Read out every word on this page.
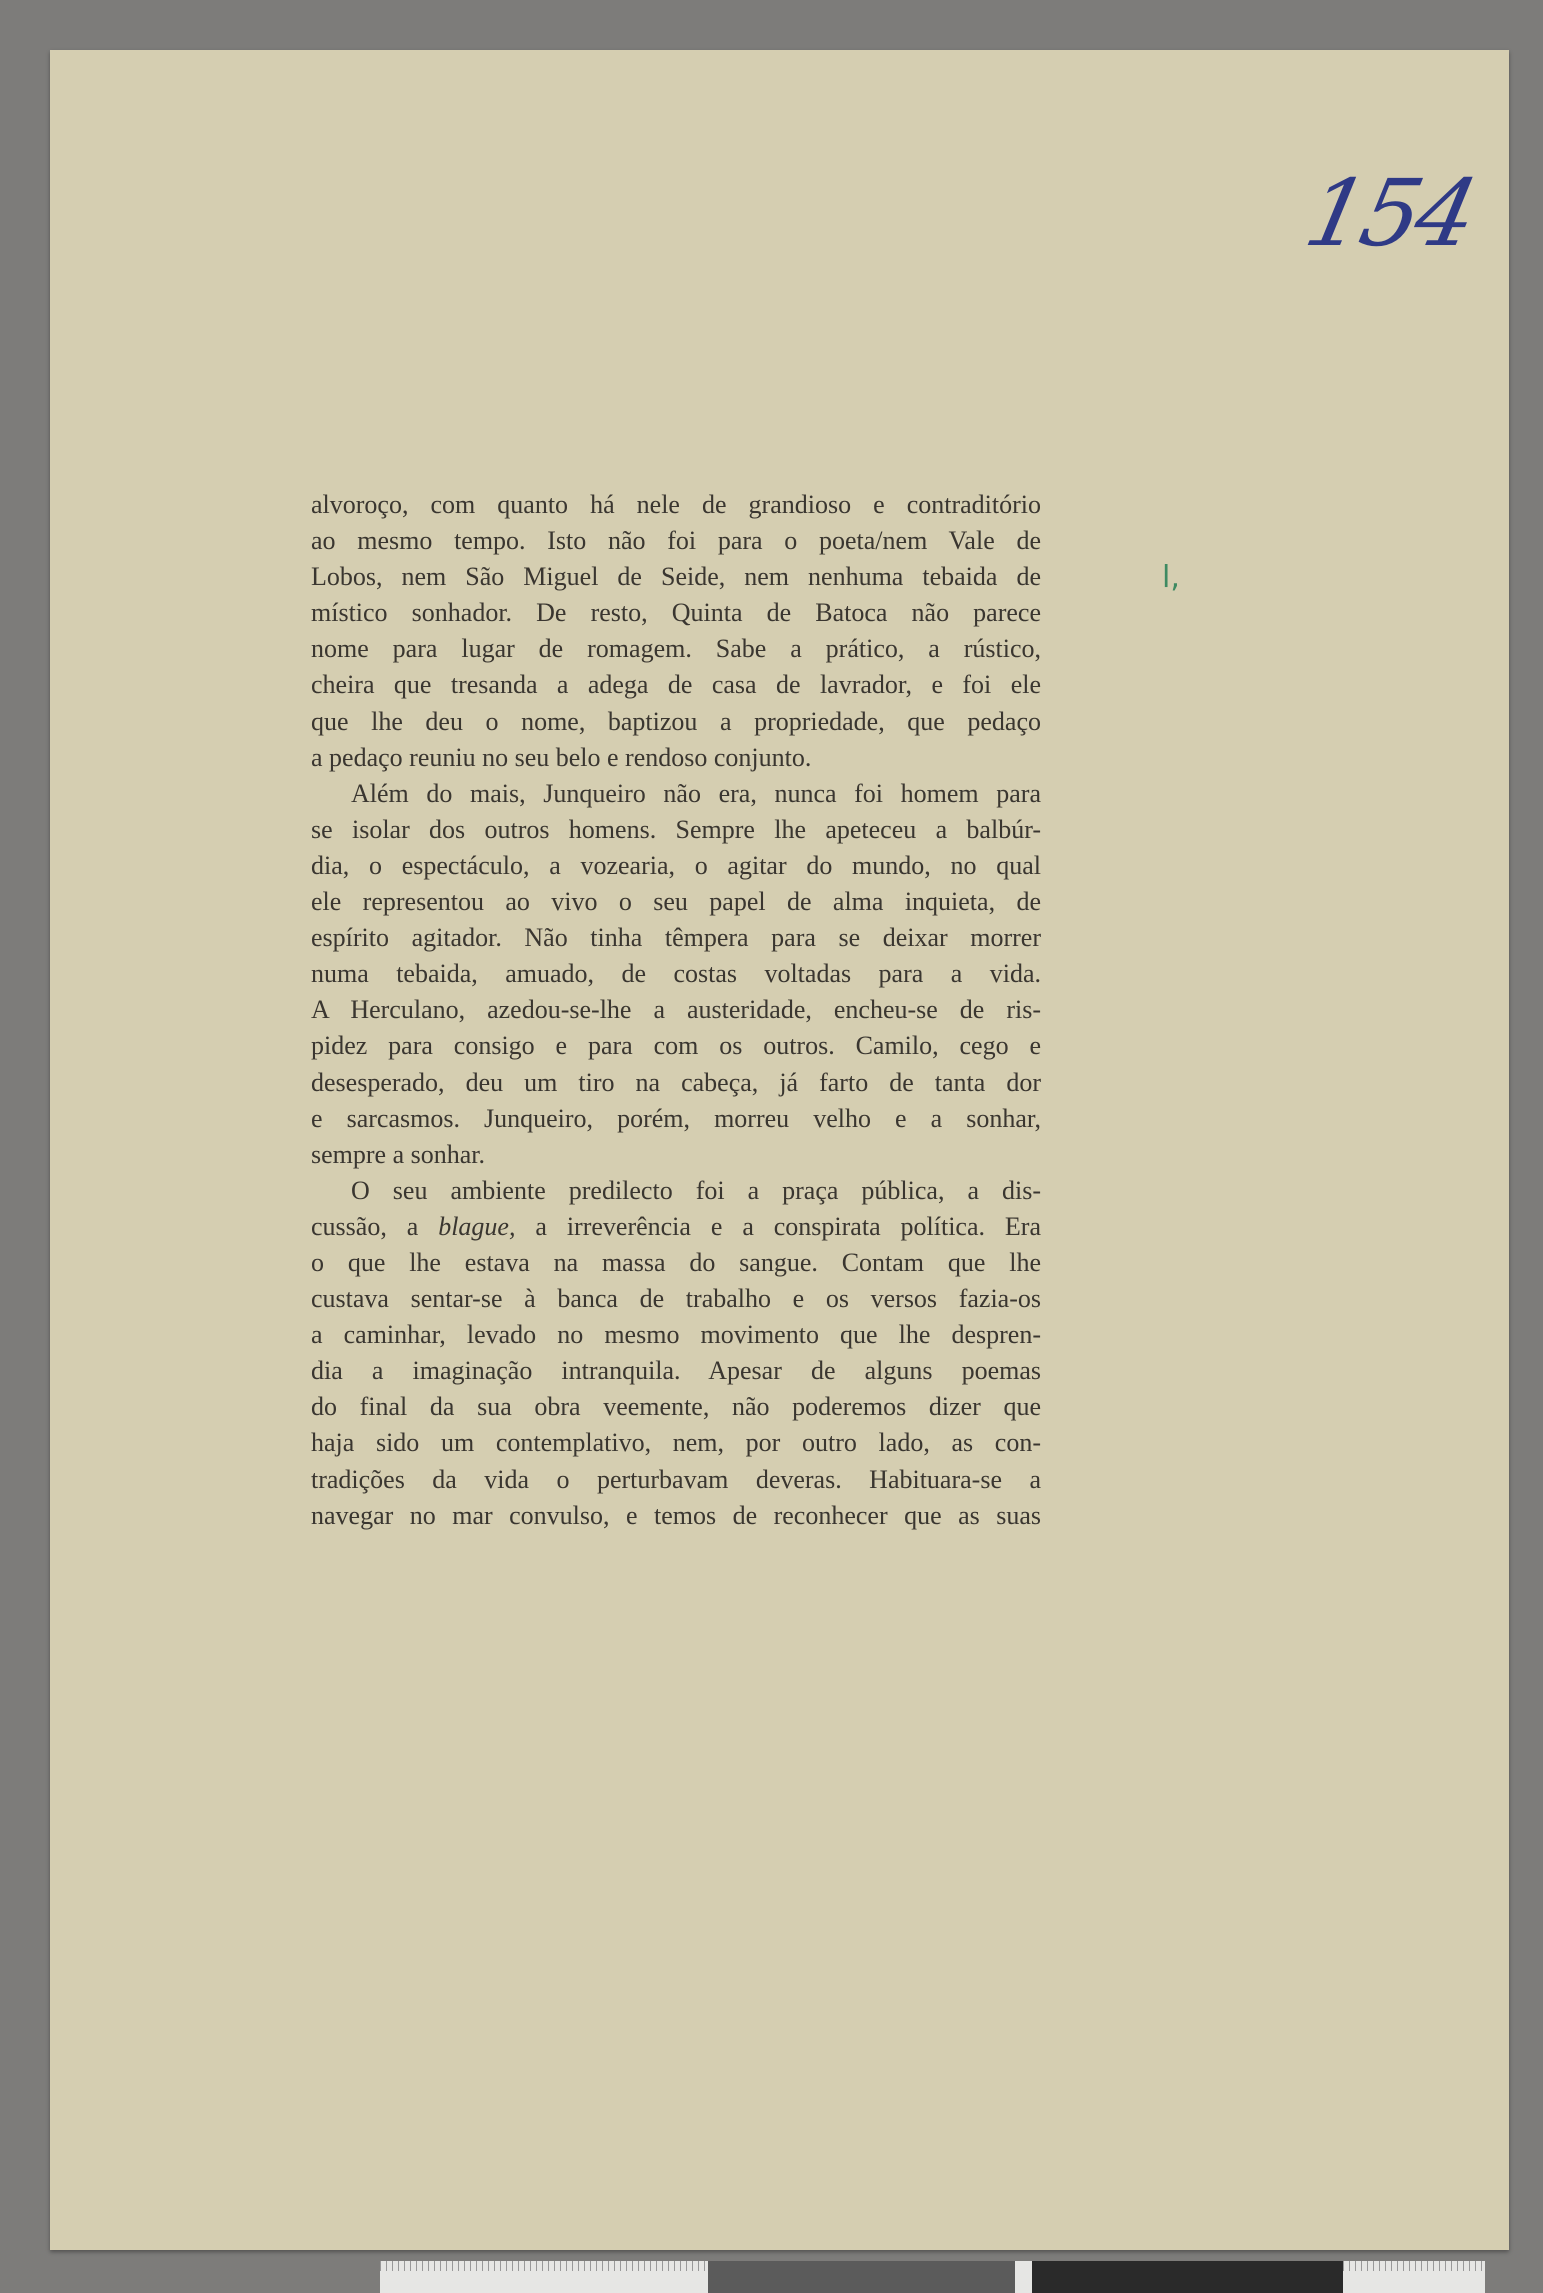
154
l,
alvoroço, com quanto há nele de grandioso e contraditório
ao mesmo tempo. Isto não foi para o poeta/nem Vale de
Lobos, nem São Miguel de Seide, nem nenhuma tebaida de
místico sonhador. De resto, Quinta de Batoca não parece
nome para lugar de romagem. Sabe a prático, a rústico,
cheira que tresanda a adega de casa de lavrador, e foi ele
que lhe deu o nome, baptizou a propriedade, que pedaço
a pedaço reuniu no seu belo e rendoso conjunto.
Além do mais, Junqueiro não era, nunca foi homem para
se isolar dos outros homens. Sempre lhe apeteceu a balbúr-
dia, o espectáculo, a vozearia, o agitar do mundo, no qual
ele representou ao vivo o seu papel de alma inquieta, de
espírito agitador. Não tinha têmpera para se deixar morrer
numa tebaida, amuado, de costas voltadas para a vida.
A Herculano, azedou-se-lhe a austeridade, encheu-se de ris-
pidez para consigo e para com os outros. Camilo, cego e
desesperado, deu um tiro na cabeça, já farto de tanta dor
e sarcasmos. Junqueiro, porém, morreu velho e a sonhar,
sempre a sonhar.
O seu ambiente predilecto foi a praça pública, a dis-
cussão, a blague, a irreverência e a conspirata política. Era
o que lhe estava na massa do sangue. Contam que lhe
custava sentar-se à banca de trabalho e os versos fazia-os
a caminhar, levado no mesmo movimento que lhe despren-
dia a imaginação intranquila. Apesar de alguns poemas
do final da sua obra veemente, não poderemos dizer que
haja sido um contemplativo, nem, por outro lado, as con-
tradições da vida o perturbavam deveras. Habituara-se a
navegar no mar convulso, e temos de reconhecer que as suas
